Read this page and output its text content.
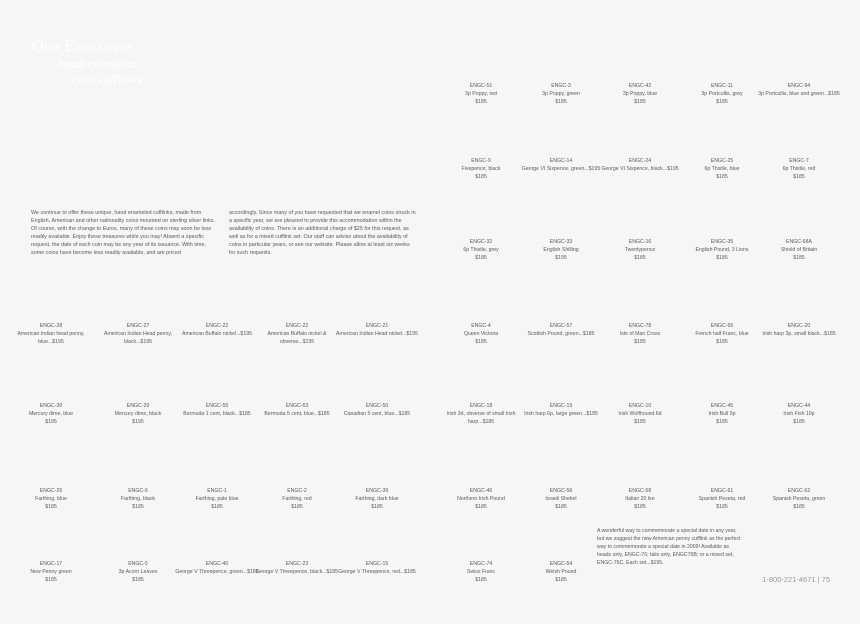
Our Exclusive
hand enameled
coin cufflinks
We continue to offer these unique, hand enameled cufflinks, made from English, American and other nationality coins mounted on sterling silver links. Of course, with the change to Euros, many of these coins may soon be less readily available. Enjoy these treasures while you may! Absent a specific request, the date of each coin may be any year of its issuance. With time, some coins have become less readily available, and are priced
accordingly. Since many of you have requested that we enamel coins struck in a specific year, we are pleased to provide this accommodation within the availability of coins. There is an additional charge of $25 for this request, as well as for a mixed cufflink set. Our staff can advise about the availability of coins in particular years, or see our website. Please allow at least six weeks for such requests.
ENGC-51
3p Poppy, red
$185
ENGC-3
3p Poppy, green
$185
ENGC-42
3p Poppy, blue
$185
ENGC-11
3p Portcullis, grey
$185
ENGC-94
3p Portcullis, blue and green...$185
ENGC-9
Fivepence, black
$185
ENGC-14
George VI Sixpence, green...$195
ENGC-24
George VI Sixpence, black...$195
ENGC-25
6p Thistle, blue
$185
ENGC-7
6p Thistle, red
$185
ENGC-32
6p Thistle, grey
$185
ENGC-33
English Shilling
$195
ENGC-16
Twentypence
$185
ENGC-35
English Pound, 3 Lions
$185
ENGC-68A
Shield of Britain
$185
ENGC-4
Queen Victoria
$185
ENGC-57
Scottish Pound, green...$185
ENGC-78
Isle of Man Cross
$185
ENGC-65
French half Franc, blue
$185
ENGC-20
Irish harp 3p, small black...$185
ENGC-18
Irish 3d, obverse of small Irish harp...$185
ENGC-19
Irish harp 6p, large green...$185
ENGC-10
Irish Wolfhound 6d
$185
ENGC-45
Irish Bull 5p
$185
ENGC-44
Irish Fish 10p
$185
ENGC-46
Northern Irish Pound
$185
ENGC-56
Israeli Shekel
$185
ENGC-58
Italian 20 lire
$185
ENGC-61
Spanish Peseta, red
$185
ENGC-62
Spanish Peseta, green
$185
ENGC-74
Swiss Franc
$185
ENGC-54
Welsh Pound
$185
ENGC-28
American Indian head penny, blue...$195
ENGC-27
American Indian Head penny, black...$195
ENGC-22
American Buffalo nickel...$195
ENGC-22
American Buffalo nickel & obverse...$195
ENGC-21
American Indian Head nickel...$195
ENGC-30
Mercury dime, blue
$195
ENGC-29
Mercury dime, black
$195
ENGC-55
Bermuda 1 cent, black...$185
ENGC-63
Bermuda 5 cent, blue...$185
ENGC-50
Canadian 5 cent, blue...$185
ENGC-26
Farthing, blue
$185
ENGC-6
Farthing, black
$185
ENGC-1
Farthing, pale blue
$185
ENGC-2
Farthing, red
$185
ENGC-39
Farthing, dark blue
$185
ENGC-17
New Penny green
$185
ENGC-5
3p Acorn Leaves
$185
ENGC-40
George V Threepence, green...$185
ENGC-23
George V Threepence, black...$185
ENGC-15
George V Threepence, red...$185
A wonderful way to commemorate a special date in any year, but we suggest the new American penny cufflink as the perfect way to commemorate a special date in 2009! Available as heads only, ENGC-76; tails only, ENGC76B; or a mixed set, ENGC-76C. Each set...$195.
1-800-221-4671 | 75
